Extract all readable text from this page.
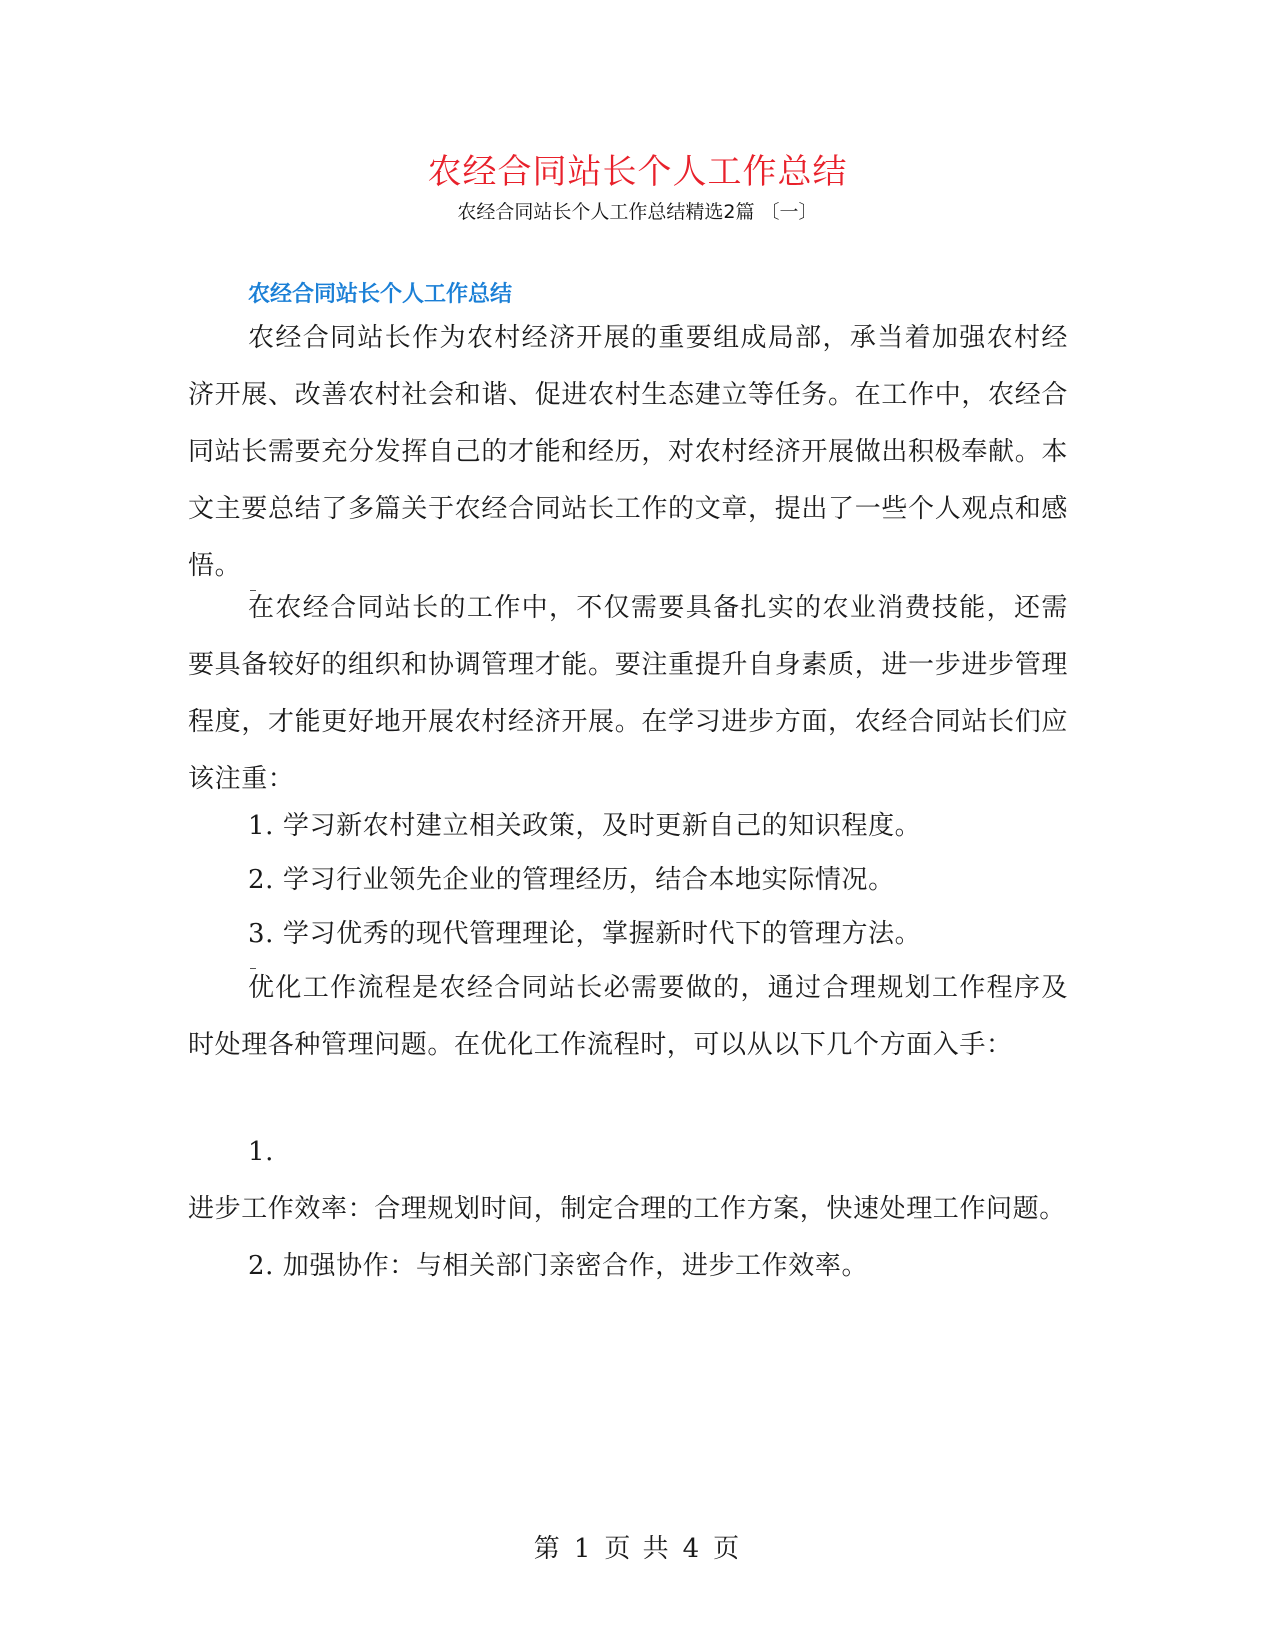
农经合同站长个人工作总结
农经合同站长个人工作总结精选2篇 〔一〕
农经合同站长个人工作总结

农经合同站长作为农村经济开展的重要组成局部，承当着加强农村经济开展、改善农村社会和谐、促进农村生态建立等任务。在工作中，农经合同站长需要充分发挥自己的才能和经历，对农村经济开展做出积极奉献。本文主要总结了多篇关于农经合同站长工作的文章，提出了一些个人观点和感悟。

在农经合同站长的工作中，不仅需要具备扎实的农业消费技能，还需要具备较好的组织和协调管理才能。要注重提升自身素质，进一步进步管理程度，才能更好地开展农村经济开展。在学习进步方面，农经合同站长们应该注重：

1. 学习新农村建立相关政策，及时更新自己的知识程度。

2. 学习行业领先企业的管理经历，结合本地实际情况。

3. 学习优秀的现代管理理论，掌握新时代下的管理方法。

优化工作流程是农经合同站长必需要做的，通过合理规划工作程序及时处理各种管理问题。在优化工作流程时，可以从以下几个方面入手：

1.

进步工作效率：合理规划时间，制定合理的工作方案，快速处理工作问题。

2. 加强协作：与相关部门亲密合作，进步工作效率。

第 1 页 共 4 页
